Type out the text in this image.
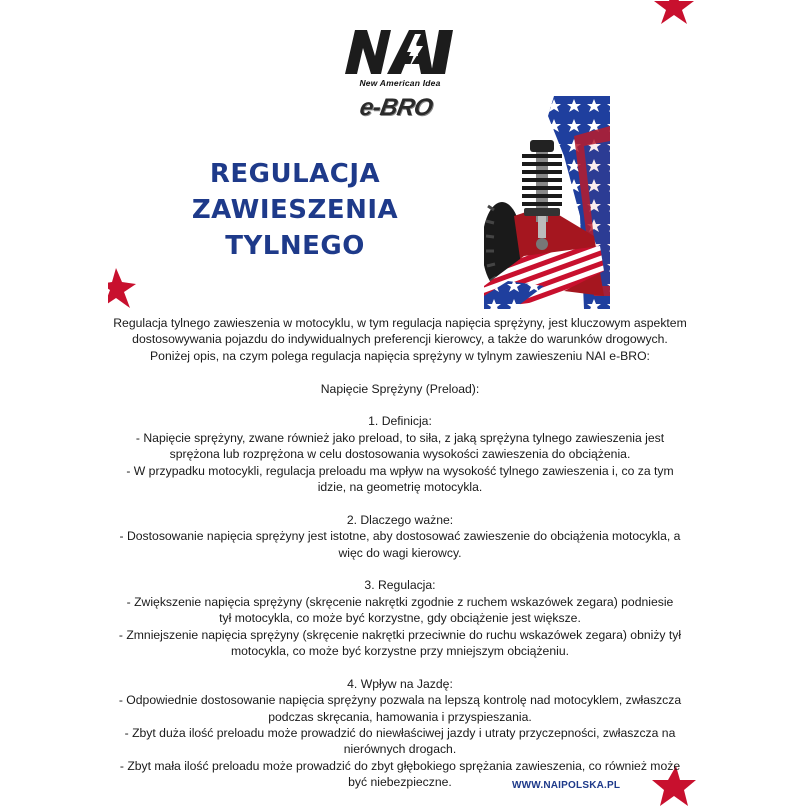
New American Idea
e-BRO
REGULACJA
ZAWIESZENIA
TYLNEGO

Regulacja tylnego zawieszenia w motocyklu, w tym regulacja napięcia sprężyny, jest kluczowym aspektem

dostosowywania pojazdu do indywidualnych preferencji kierowcy, a także do warunków drogowych.

Poniżej opis, na czym polega regulacja napięcia sprężyny w tylnym zawieszeniu NAI e-BRO:

Napięcie Sprężyny (Preload):

1. Definicja:

- Napięcie sprężyny, zwane również jako preload, to siła, z jaką sprężyna tylnego zawieszenia jest

sprężona lub rozprężona w celu dostosowania wysokości zawieszenia do obciążenia.

- W przypadku motocykli, regulacja preloadu ma wpływ na wysokość tylnego zawieszenia i, co za tym

idzie, na geometrię motocykla.

2. Dlaczego ważne:

- Dostosowanie napięcia sprężyny jest istotne, aby dostosować zawieszenie do obciążenia motocykla, a

więc do wagi kierowcy.

3. Regulacja:

- Zwiększenie napięcia sprężyny (skręcenie nakrętki zgodnie z ruchem wskazówek zegara) podniesie

tył motocykla, co może być korzystne, gdy obciążenie jest większe.

- Zmniejszenie napięcia sprężyny (skręcenie nakrętki przeciwnie do ruchu wskazówek zegara) obniży tył

motocykla, co może być korzystne przy mniejszym obciążeniu.

4. Wpływ na Jazdę:

- Odpowiednie dostosowanie napięcia sprężyny pozwala na lepszą kontrolę nad motocyklem, zwłaszcza

podczas skręcania, hamowania i przyspieszania.

- Zbyt duża ilość preloadu może prowadzić do niewłaściwej jazdy i utraty przyczepności, zwłaszcza na

nierównych drogach.

- Zbyt mała ilość preloadu może prowadzić do zbyt głębokiego sprężania zawieszenia, co również może

być niebezpieczne.	WWW.NAIPOLSKA.PL
